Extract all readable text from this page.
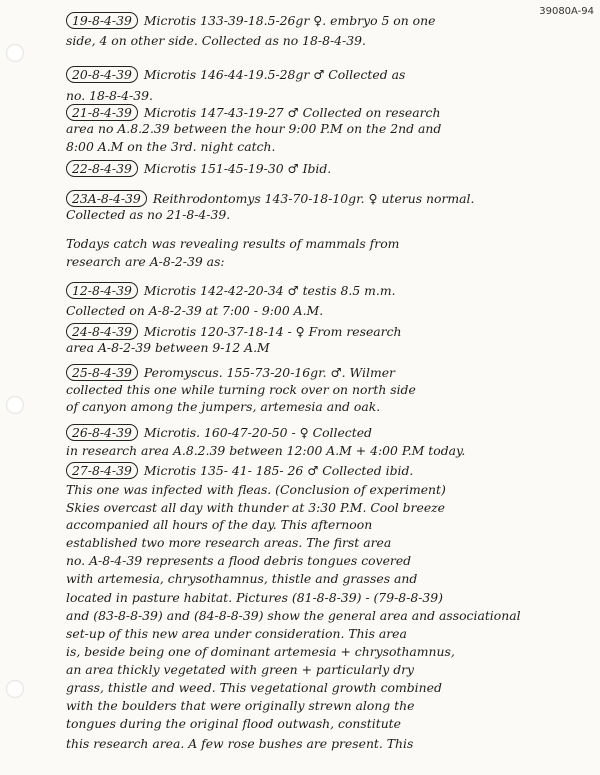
39080A-94
19-8-4-39 Microtis 133-39-18.5-26gr ♀. embryo 5 on one
side, 4 on other side. Collected as no 18-8-4-39.
20-8-4-39 Microtis 146-44-19.5-28gr ♂ Collected as
no. 18-8-4-39.
21-8-4-39 Microtis 147-43-19-27 ♂ Collected on research
area no A.8.2.39 between the hour 9:00 P.M on the 2nd and
8:00 A.M on the 3rd. night catch.
22-8-4-39 Microtis 151-45-19-30 ♂ Ibid.
23A-8-4-39 Reithrodontomys 143-70-18-10gr. ♀ uterus normal.
Collected as no 21-8-4-39.
Todays catch was revealing results of mammals from
research are A-8-2-39 as:
12-8-4-39 Microtis 142-42-20-34 ♂ testis 8.5 m.m.
Collected on A-8-2-39 at 7:00 - 9:00 A.M.
24-8-4-39 Microtis 120-37-18-14 - ♀ From research
area A-8-2-39 between 9-12 A.M
25-8-4-39 Peromyscus. 155-73-20-16gr. ♂. Wilmer
collected this one while turning rock over on north side
of canyon among the jumpers, artemesia and oak.
26-8-4-39 Microtis. 160-47-20-50 - ♀ Collected
in research area A.8.2.39 between 12:00 A.M + 4:00 P.M today.
27-8-4-39 Microtis 135- 41- 185- 26 ♂ Collected ibid.
This one was infected with fleas. (Conclusion of experiment)
Skies overcast all day with thunder at 3:30 P.M. Cool breeze
accompanied all hours of the day. This afternoon
established two more research areas. The first area
no. A-8-4-39 represents a flood debris tongues covered
with artemesia, chrysothamnus, thistle and grasses and
located in pasture habitat. Pictures (81-8-8-39) - (79-8-8-39)
and (83-8-8-39) and (84-8-8-39) show the general area and associational
set-up of this new area under consideration. This area
is, beside being one of dominant artemesia + chrysothamnus,
an area thickly vegetated with green + particularly dry
grass, thistle and weed. This vegetational growth combined
with the boulders that were originally strewn along the
tongues during the original flood outwash, constitute
this research area. A few rose bushes are present. This
